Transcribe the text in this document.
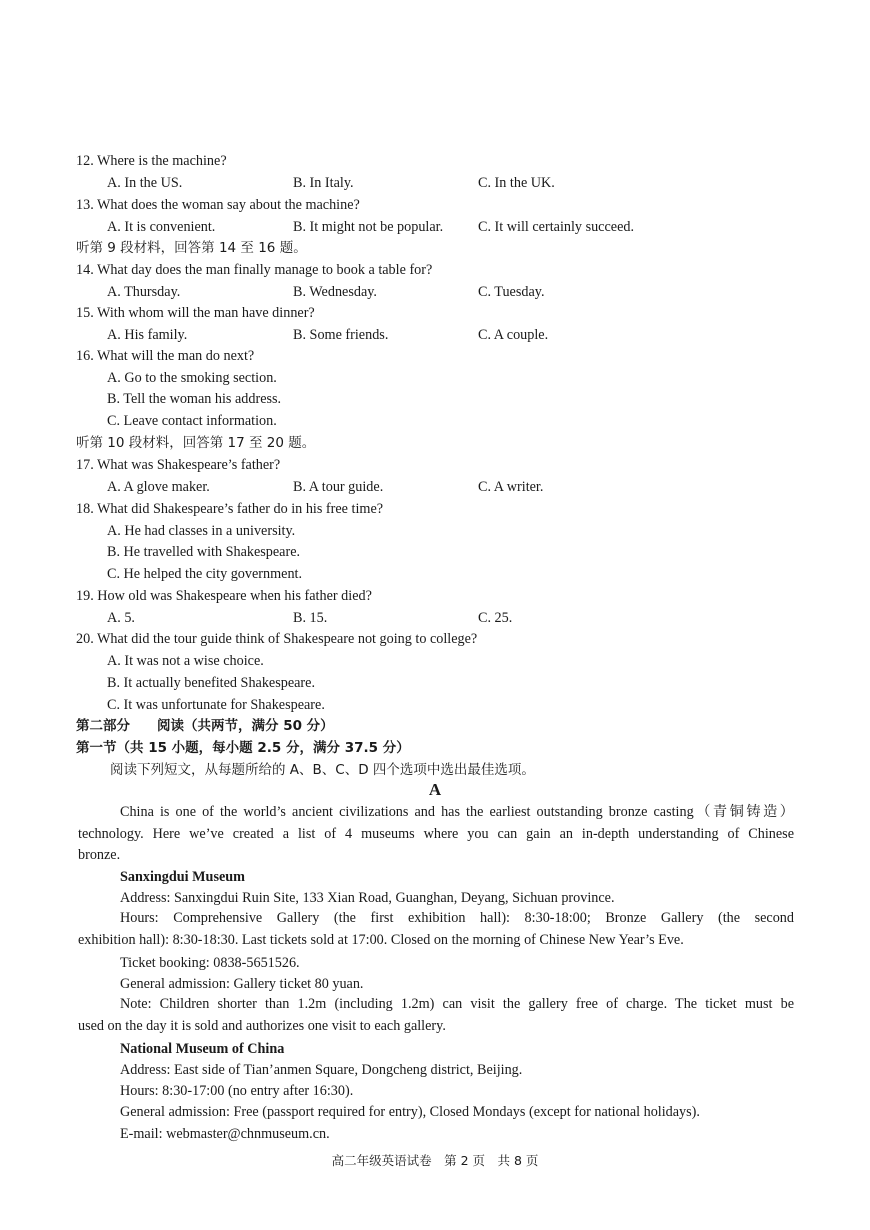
12. Where is the machine?
A. In the US.	B. In Italy.	C. In the UK.
13. What does the woman say about the machine?
A. It is convenient.	B. It might not be popular. C. It will certainly succeed.
听第 9 段材料，回答第 14 至 16 题。
14. What day does the man finally manage to book a table for?
A. Thursday.	B. Wednesday.	C. Tuesday.
15. With whom will the man have dinner?
A. His family.	B. Some friends.	C. A couple.
16. What will the man do next?
A. Go to the smoking section.
B. Tell the woman his address.
C. Leave contact information.
听第 10 段材料，回答第 17 至 20 题。
17. What was Shakespeare’s father?
A. A glove maker.	B. A tour guide.	C. A writer.
18. What did Shakespeare’s father do in his free time?
A. He had classes in a university.
B. He travelled with Shakespeare.
C. He helped the city government.
19. How old was Shakespeare when his father died?
A. 5.	B. 15.	C. 25.
20. What did the tour guide think of Shakespeare not going to college?
A. It was not a wise choice.
B. It actually benefited Shakespeare.
C. It was unfortunate for Shakespeare.
第二部分　　阅读（共两节，满分 50 分）
第一节（共 15 小题，每小题 2.5 分，满分 37.5 分）
阅读下列短文，从每题所给的 A、B、C、D 四个选项中选出最佳选项。
A
China is one of the world’s ancient civilizations and has the earliest outstanding bronze casting（青铜铸造）
technology. Here we’ve created a list of 4 museums where you can gain an in-depth understanding of Chinese
bronze.
Sanxingdui Museum
Address: Sanxingdui Ruin Site, 133 Xian Road, Guanghan, Deyang, Sichuan province.
Hours: Comprehensive Gallery (the first exhibition hall): 8:30-18:00; Bronze Gallery (the second
exhibition hall): 8:30-18:30. Last tickets sold at 17:00. Closed on the morning of Chinese New Year’s Eve.
Ticket booking: 0838-5651526.
General admission: Gallery ticket 80 yuan.
Note: Children shorter than 1.2m (including 1.2m) can visit the gallery free of charge. The ticket must be
used on the day it is sold and authorizes one visit to each gallery.
National Museum of China
Address: East side of Tian’anmen Square, Dongcheng district, Beijing.
Hours: 8:30-17:00 (no entry after 16:30).
General admission: Free (passport required for entry), Closed Mondays (except for national holidays).
E-mail: webmaster@chnmuseum.cn.
高二年级英语试卷　第 2 页　共 8 页
